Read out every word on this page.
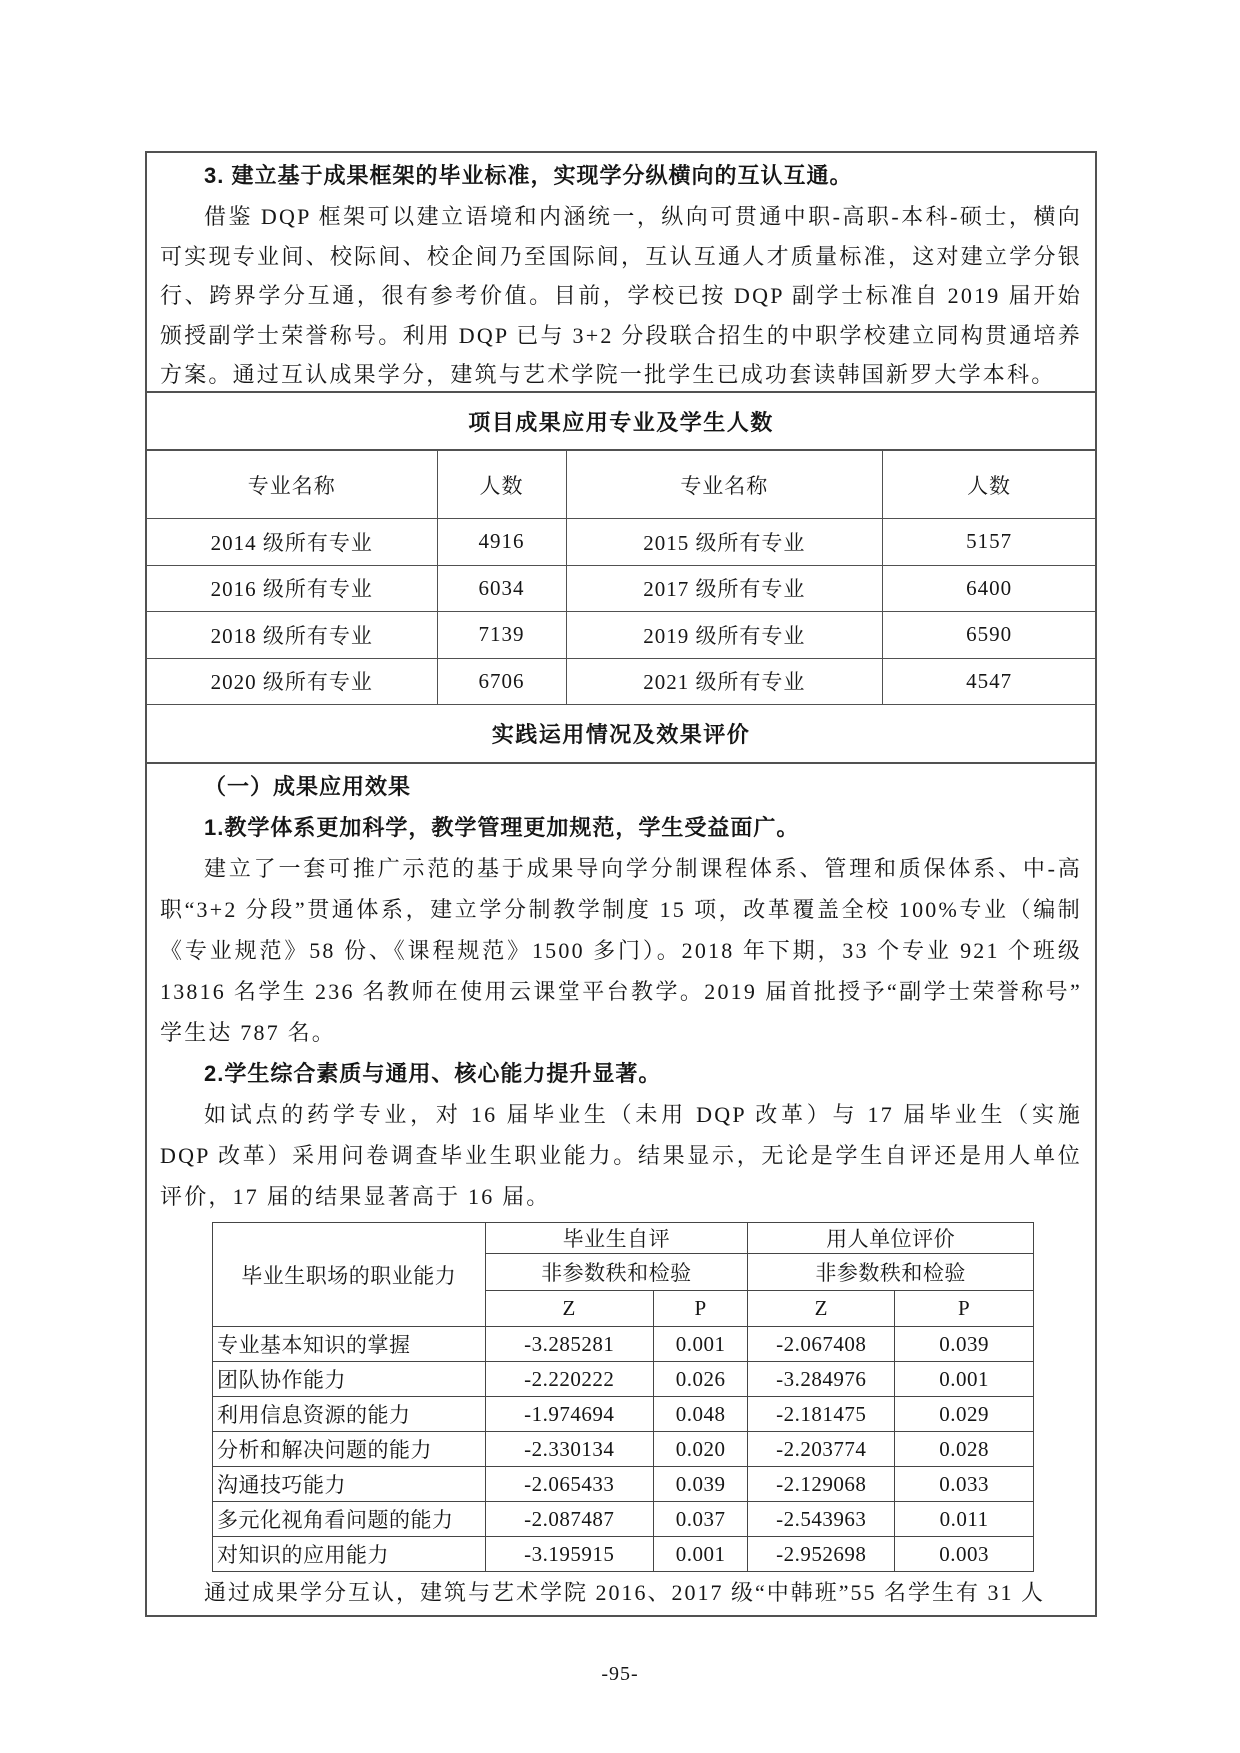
3. 建立基于成果框架的毕业标准，实现学分纵横向的互认互通。
借鉴 DQP 框架可以建立语境和内涵统一，纵向可贯通中职-高职-本科-硕士，横向可实现专业间、校际间、校企间乃至国际间，互认互通人才质量标准，这对建立学分银行、跨界学分互通，很有参考价值。目前，学校已按 DQP 副学士标准自 2019 届开始颁授副学士荣誉称号。利用 DQP 已与 3+2 分段联合招生的中职学校建立同构贯通培养方案。通过互认成果学分，建筑与艺术学院一批学生已成功套读韩国新罗大学本科。
项目成果应用专业及学生人数
专业名称	人数	专业名称	人数
2014 级所有专业	4916	2015 级所有专业	5157
2016 级所有专业	6034	2017 级所有专业	6400
2018 级所有专业	7139	2019 级所有专业	6590
2020 级所有专业	6706	2021 级所有专业	4547
实践运用情况及效果评价
（一）成果应用效果
1.教学体系更加科学，教学管理更加规范，学生受益面广。
建立了一套可推广示范的基于成果导向学分制课程体系、管理和质保体系、中-高职“3+2 分段”贯通体系，建立学分制教学制度 15 项，改革覆盖全校 100%专业（编制《专业规范》58 份、《课程规范》1500 多门）。2018 年下期，33 个专业 921 个班级 13816 名学生 236 名教师在使用云课堂平台教学。2019 届首批授予“副学士荣誉称号”学生达 787 名。
2.学生综合素质与通用、核心能力提升显著。
如试点的药学专业，对 16 届毕业生（未用 DQP 改革）与 17 届毕业生（实施 DQP 改革）采用问卷调查毕业生职业能力。结果显示，无论是学生自评还是用人单位评价，17 届的结果显著高于 16 届。
毕业生职场的职业能力	毕业生自评		用人单位评价	
	非参数秩和检验		非参数秩和检验	
	Z	P	Z	P
专业基本知识的掌握	-3.285281	0.001	-2.067408	0.039
团队协作能力	-2.220222	0.026	-3.284976	0.001
利用信息资源的能力	-1.974694	0.048	-2.181475	0.029
分析和解决问题的能力	-2.330134	0.020	-2.203774	0.028
沟通技巧能力	-2.065433	0.039	-2.129068	0.033
多元化视角看问题的能力	-2.087487	0.037	-2.543963	0.011
对知识的应用能力	-3.195915	0.001	-2.952698	0.003
通过成果学分互认，建筑与艺术学院 2016、2017 级“中韩班”55 名学生有 31 人
-95-
